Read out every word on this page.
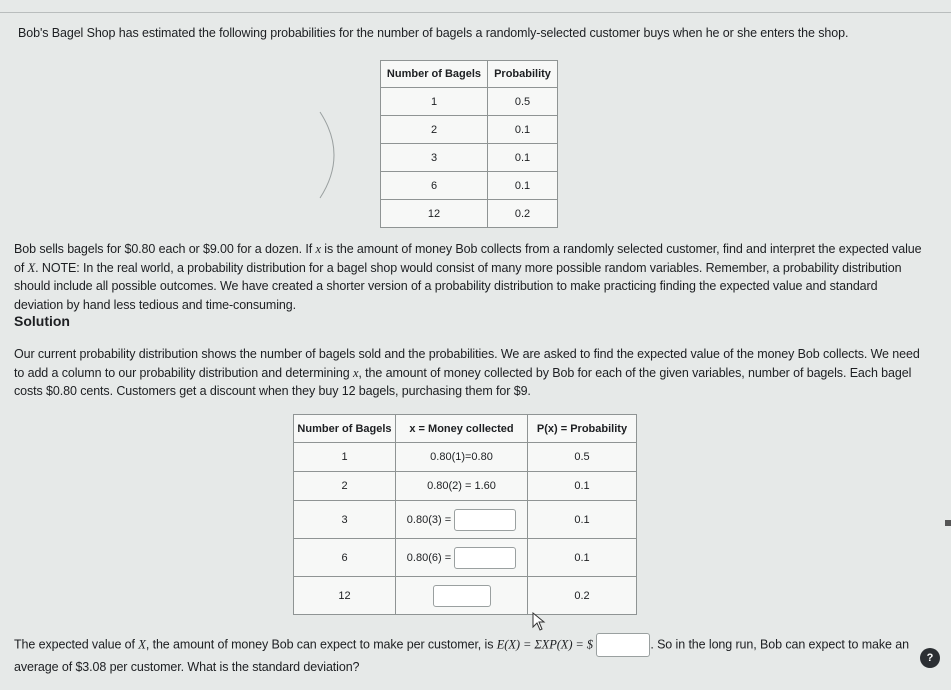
Bob's Bagel Shop has estimated the following probabilities for the number of bagels a randomly-selected customer buys when he or she enters the shop.
Number of Bagels	Probability
1	0.5
2	0.1
3	0.1
6	0.1
12	0.2
Bob sells bagels for $0.80 each or $9.00 for a dozen. If x is the amount of money Bob collects from a randomly selected customer, find and interpret the expected value of X. NOTE: In the real world, a probability distribution for a bagel shop would consist of many more possible random variables. Remember, a probability distribution should include all possible outcomes. We have created a shorter version of a probability distribution to make practicing finding the expected value and standard deviation by hand less tedious and time-consuming.
Solution
Our current probability distribution shows the number of bagels sold and the probabilities. We are asked to find the expected value of the money Bob collects. We need to add a column to our probability distribution and determining x, the amount of money collected by Bob for each of the given variables, number of bagels. Each bagel costs $0.80 cents. Customers get a discount when they buy 12 bagels, purchasing them for $9.
Number of Bagels	x = Money collected	P(x) = Probability
1	0.80(1)=0.80	0.5
2	0.80(2) = 1.60	0.1
3	0.80(3) =	0.1
6	0.80(6) =	0.1
12		0.2
The expected value of X, the amount of money Bob can expect to make per customer, is E(X) = ΣXP(X) = $	. So in the long run, Bob can expect to make an average of $3.08 per customer. What is the standard deviation?
?
